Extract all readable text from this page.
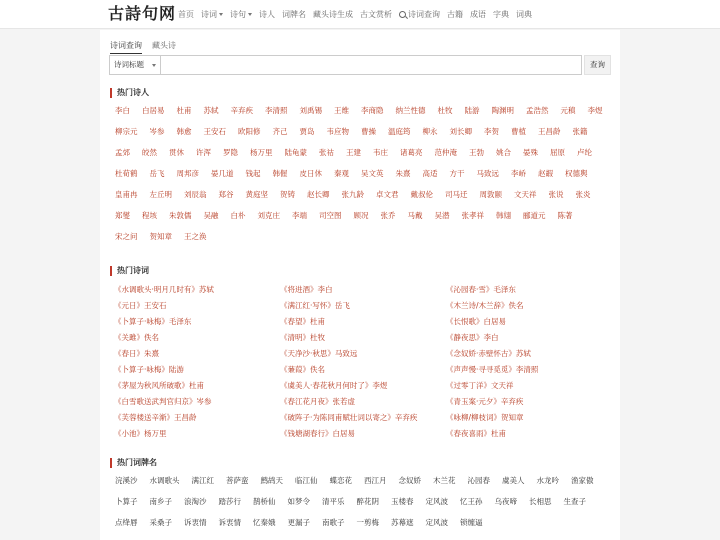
古詩句网 首页 诗词 诗句 诗人 词牌名 藏头诗生成 古文赏析 诗词查询 古籍 成语 字典 词典
诗词查询 藏头诗
诗词标题	查询
热门诗人
李白	白居易	杜甫	苏轼	辛弃疾	李清照	刘禹锡	王维	李商隐	纳兰性德	杜牧	陆游	陶渊明	孟浩然	元稹	李煜
柳宗元	岑参	韩愈	王安石	欧阳修	齐己	贾岛	韦应物	曹操	温庭筠	柳永	刘长卿	李贺	曹植	王昌龄	张籍
孟郊	皎然	贯休	许浑	罗隐	杨万里	陆龟蒙	张祜	王建	韦庄	诸葛亮	范仲淹	王勃	姚合	晏殊	屈原	卢纶
杜荀鹤	岳飞	周邦彦	晏几道	钱起	韩偓	皮日休	秦观	吴文英	朱熹	高适	方干	马致远	李峤	赵嘏	权德舆
皇甫冉	左丘明	刘辰翁	郑谷	黄庭坚	贺铸	赵长卿	张九龄	卓文君	戴叔伦	司马迁	周敦颐	文天祥	张说	张炎
郑燮	程垓	朱敦儒	吴融	白朴	刘克庄	李端	司空图	顾况	张乔	马戴	吴潜	张孝祥	韩翃	郦道元	陈著
宋之问	贺知章	王之涣
热门诗词
《水调歌头·明月几时有》苏轼	《将进酒》李白	《沁园春·雪》毛泽东
《元日》王安石	《满江红·写怀》岳飞	《木兰诗/木兰辞》佚名
《卜算子·咏梅》毛泽东	《春望》杜甫	《长恨歌》白居易
《关雎》佚名	《清明》杜牧	《静夜思》李白
《春日》朱熹	《天净沙·秋思》马致远	《念奴娇·赤壁怀古》苏轼
《卜算子·咏梅》陆游	《蒹葭》佚名	《声声慢·寻寻觅觅》李清照
《茅屋为秋风所破歌》杜甫	《虞美人·春花秋月何时了》李煜	《过零丁洋》文天祥
《白雪歌送武判官归京》岑参	《春江花月夜》张若虚	《青玉案·元夕》辛弃疾
《芙蓉楼送辛渐》王昌龄	《破阵子·为陈同甫赋壮词以寄之》辛弃疾	《咏柳/柳枝词》贺知章
《小池》杨万里	《钱塘湖春行》白居易	《春夜喜雨》杜甫
热门词牌名
浣溪沙	水调歌头	满江红	菩萨蛮	鹧鸪天	临江仙	蝶恋花	西江月	念奴娇	木兰花	沁园春	虞美人	水龙吟	渔家傲
卜算子	南乡子	浪淘沙	踏莎行	鹊桥仙	如梦令	清平乐	醉花阴	玉楼春	定风波	忆王孙	乌夜啼	长相思	生查子
点绛唇	采桑子	诉衷情	诉衷情	忆秦娥	更漏子	南歌子	一剪梅	苏幕遮	定风波	锁缠逼
